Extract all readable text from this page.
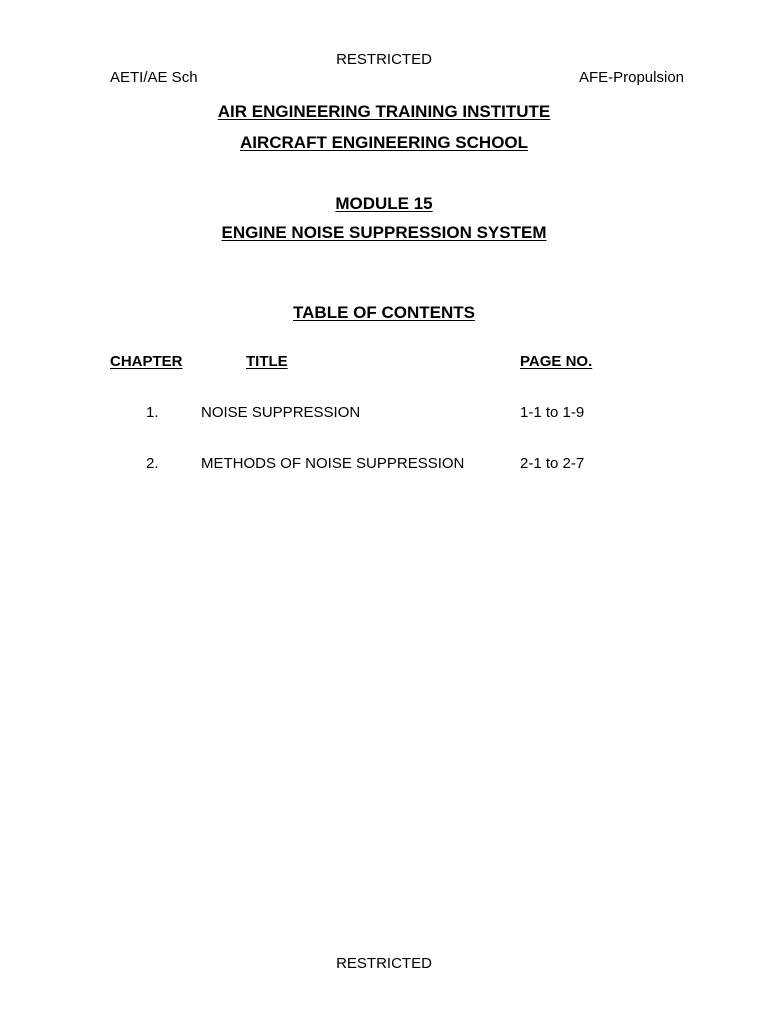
RESTRICTED
AETI/AE Sch	AFE-Propulsion
AIR ENGINEERING TRAINING INSTITUTE
AIRCRAFT ENGINEERING SCHOOL
MODULE 15
ENGINE NOISE SUPPRESSION SYSTEM
TABLE OF CONTENTS
CHAPTER	TITLE	PAGE NO.
1.	NOISE SUPPRESSION	1-1 to 1-9
2.	METHODS OF NOISE SUPPRESSION	2-1 to 2-7
RESTRICTED
